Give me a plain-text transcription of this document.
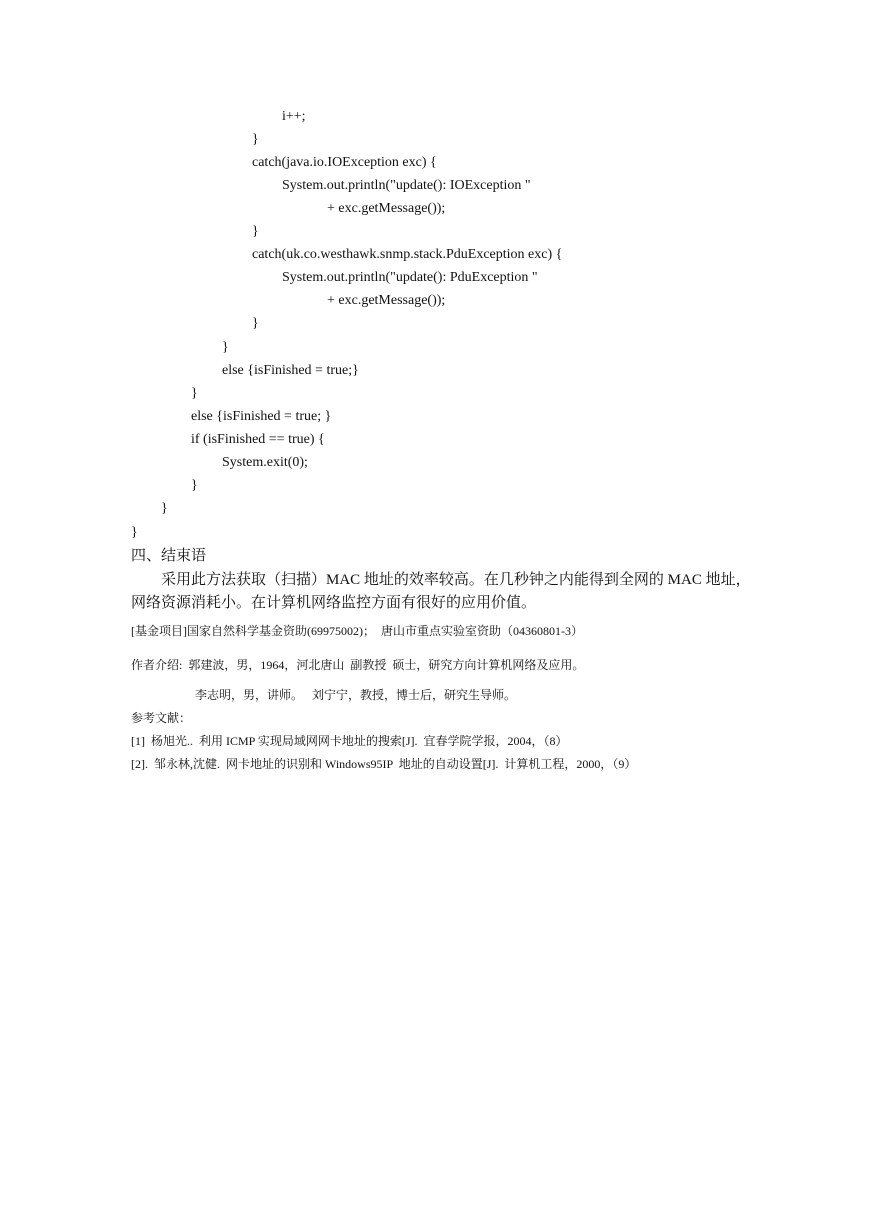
i++;
}
catch(java.io.IOException exc) {
System.out.println("update(): IOException "
+ exc.getMessage());
}
catch(uk.co.westhawk.snmp.stack.PduException exc) {
System.out.println("update(): PduException "
+ exc.getMessage());
}
}
else {isFinished = true;}
}
else {isFinished = true; }
if (isFinished == true) {
System.exit(0);
}
}
}
四、结束语
采用此方法获取（扫描）MAC 地址的效率较高。在几秒钟之内能得到全网的 MAC 地址，网络资源消耗小。在计算机网络监控方面有很好的应用价值。
[基金项目]国家自然科学基金资助(69975002)；  唐山市重点实验室资助（04360801-3）
作者介绍:  郭建波，男，1964，河北唐山  副教授  硕士，研究方向计算机网络及应用。
李志明，男，讲师。   刘宁宁，教授，博士后，研究生导师。
参考文献：
[1]  杨旭光..  利用 ICMP 实现局域网网卡地址的搜索[J].  宜春学院学报，2004，（8）
[2].  邹永林,沈健.  网卡地址的识别和 Windows95IP  地址的自动设置[J].  计算机工程，2000，（9）
